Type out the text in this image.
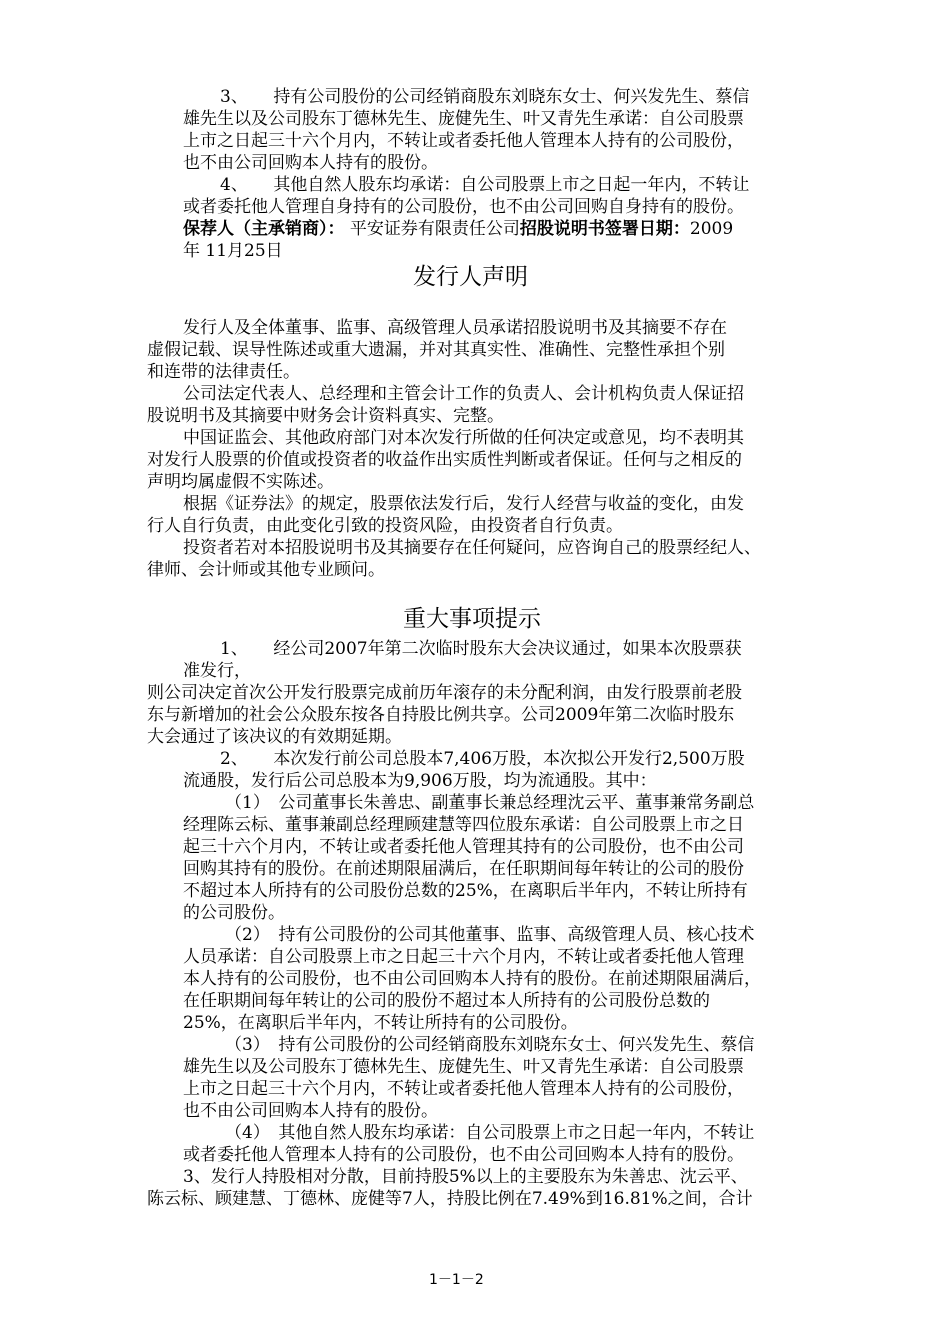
3、　　持有公司股份的公司经销商股东刘晓东女士、何兴发先生、蔡信
雄先生以及公司股东丁德林先生、庞健先生、叶又青先生承诺：自公司股票
上市之日起三十六个月内，不转让或者委托他人管理本人持有的公司股份，
也不由公司回购本人持有的股份。
4、　　其他自然人股东均承诺：自公司股票上市之日起一年内，不转让
或者委托他人管理自身持有的公司股份，也不由公司回购自身持有的股份。
保荐人（主承销商）： 平安证券有限责任公司招股说明书签署日期：2009
年 11月25日
发行人声明
发行人及全体董事、监事、高级管理人员承诺招股说明书及其摘要不存在
虚假记载、误导性陈述或重大遗漏，并对其真实性、准确性、完整性承担个别
和连带的法律责任。
公司法定代表人、总经理和主管会计工作的负责人、会计机构负责人保证招
股说明书及其摘要中财务会计资料真实、完整。
中国证监会、其他政府部门对本次发行所做的任何决定或意见，均不表明其
对发行人股票的价值或投资者的收益作出实质性判断或者保证。任何与之相反的
声明均属虚假不实陈述。
根据《证券法》的规定，股票依法发行后，发行人经营与收益的变化，由发
行人自行负责，由此变化引致的投资风险，由投资者自行负责。
投资者若对本招股说明书及其摘要存在任何疑问，应咨询自己的股票经纪人、
律师、会计师或其他专业顾问。
重大事项提示
1、　　经公司2007年第二次临时股东大会决议通过，如果本次股票获
准发行，
则公司决定首次公开发行股票完成前历年滚存的未分配利润，由发行股票前老股
东与新增加的社会公众股东按各自持股比例共享。公司2009年第二次临时股东
大会通过了该决议的有效期延期。
2、　　本次发行前公司总股本7,406万股，本次拟公开发行2,500万股
流通股，发行后公司总股本为9,906万股，均为流通股。其中：
（1）　公司董事长朱善忠、副董事长兼总经理沈云平、董事兼常务副总
经理陈云标、董事兼副总经理顾建慧等四位股东承诺：自公司股票上市之日
起三十六个月内，不转让或者委托他人管理其持有的公司股份，也不由公司
回购其持有的股份。在前述期限届满后，在任职期间每年转让的公司的股份
不超过本人所持有的公司股份总数的25%，在离职后半年内，不转让所持有
的公司股份。
（2）　持有公司股份的公司其他董事、监事、高级管理人员、核心技术
人员承诺：自公司股票上市之日起三十六个月内，不转让或者委托他人管理
本人持有的公司股份，也不由公司回购本人持有的股份。在前述期限届满后，
在任职期间每年转让的公司的股份不超过本人所持有的公司股份总数的
25%，在离职后半年内，不转让所持有的公司股份。
（3）　持有公司股份的公司经销商股东刘晓东女士、何兴发先生、蔡信
雄先生以及公司股东丁德林先生、庞健先生、叶又青先生承诺：自公司股票
上市之日起三十六个月内，不转让或者委托他人管理本人持有的公司股份，
也不由公司回购本人持有的股份。
（4）　其他自然人股东均承诺：自公司股票上市之日起一年内，不转让
或者委托他人管理本人持有的公司股份，也不由公司回购本人持有的股份。
3、发行人持股相对分散，目前持股5%以上的主要股东为朱善忠、沈云平、
陈云标、顾建慧、丁德林、庞健等7人，持股比例在7.49%到16.81%之间，合计
1－1－2
